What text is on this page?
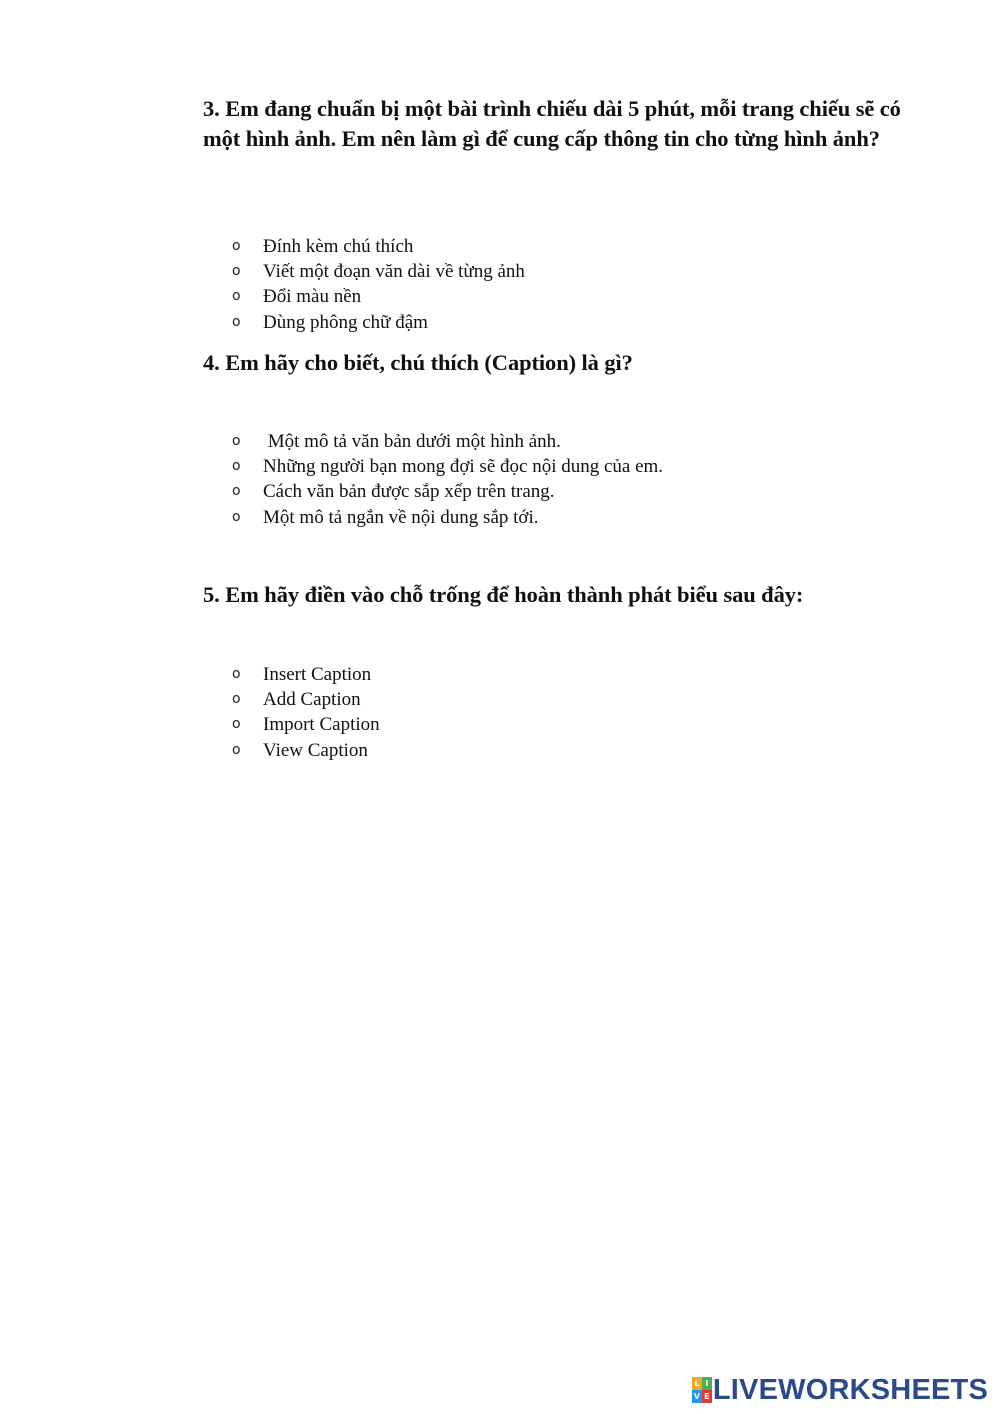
3. Em đang chuẩn bị một bài trình chiếu dài 5 phút, mỗi trang chiếu sẽ có một hình ảnh. Em nên làm gì để cung cấp thông tin cho từng hình ảnh?

o Đính kèm chú thích
o Viết một đoạn văn dài về từng ảnh
o Đổi màu nền
o Dùng phông chữ đậm

4. Em hãy cho biết, chú thích (Caption) là gì?

o Một mô tả văn bản dưới một hình ảnh.
o Những người bạn mong đợi sẽ đọc nội dung của em.
o Cách văn bản được sắp xếp trên trang.
o Một mô tả ngắn về nội dung sắp tới.

5. Em hãy điền vào chỗ trống để hoàn thành phát biểu sau đây:

o Insert Caption
o Add Caption
o Import Caption
o View Caption
L I
V E LIVEWORKSHEETS
